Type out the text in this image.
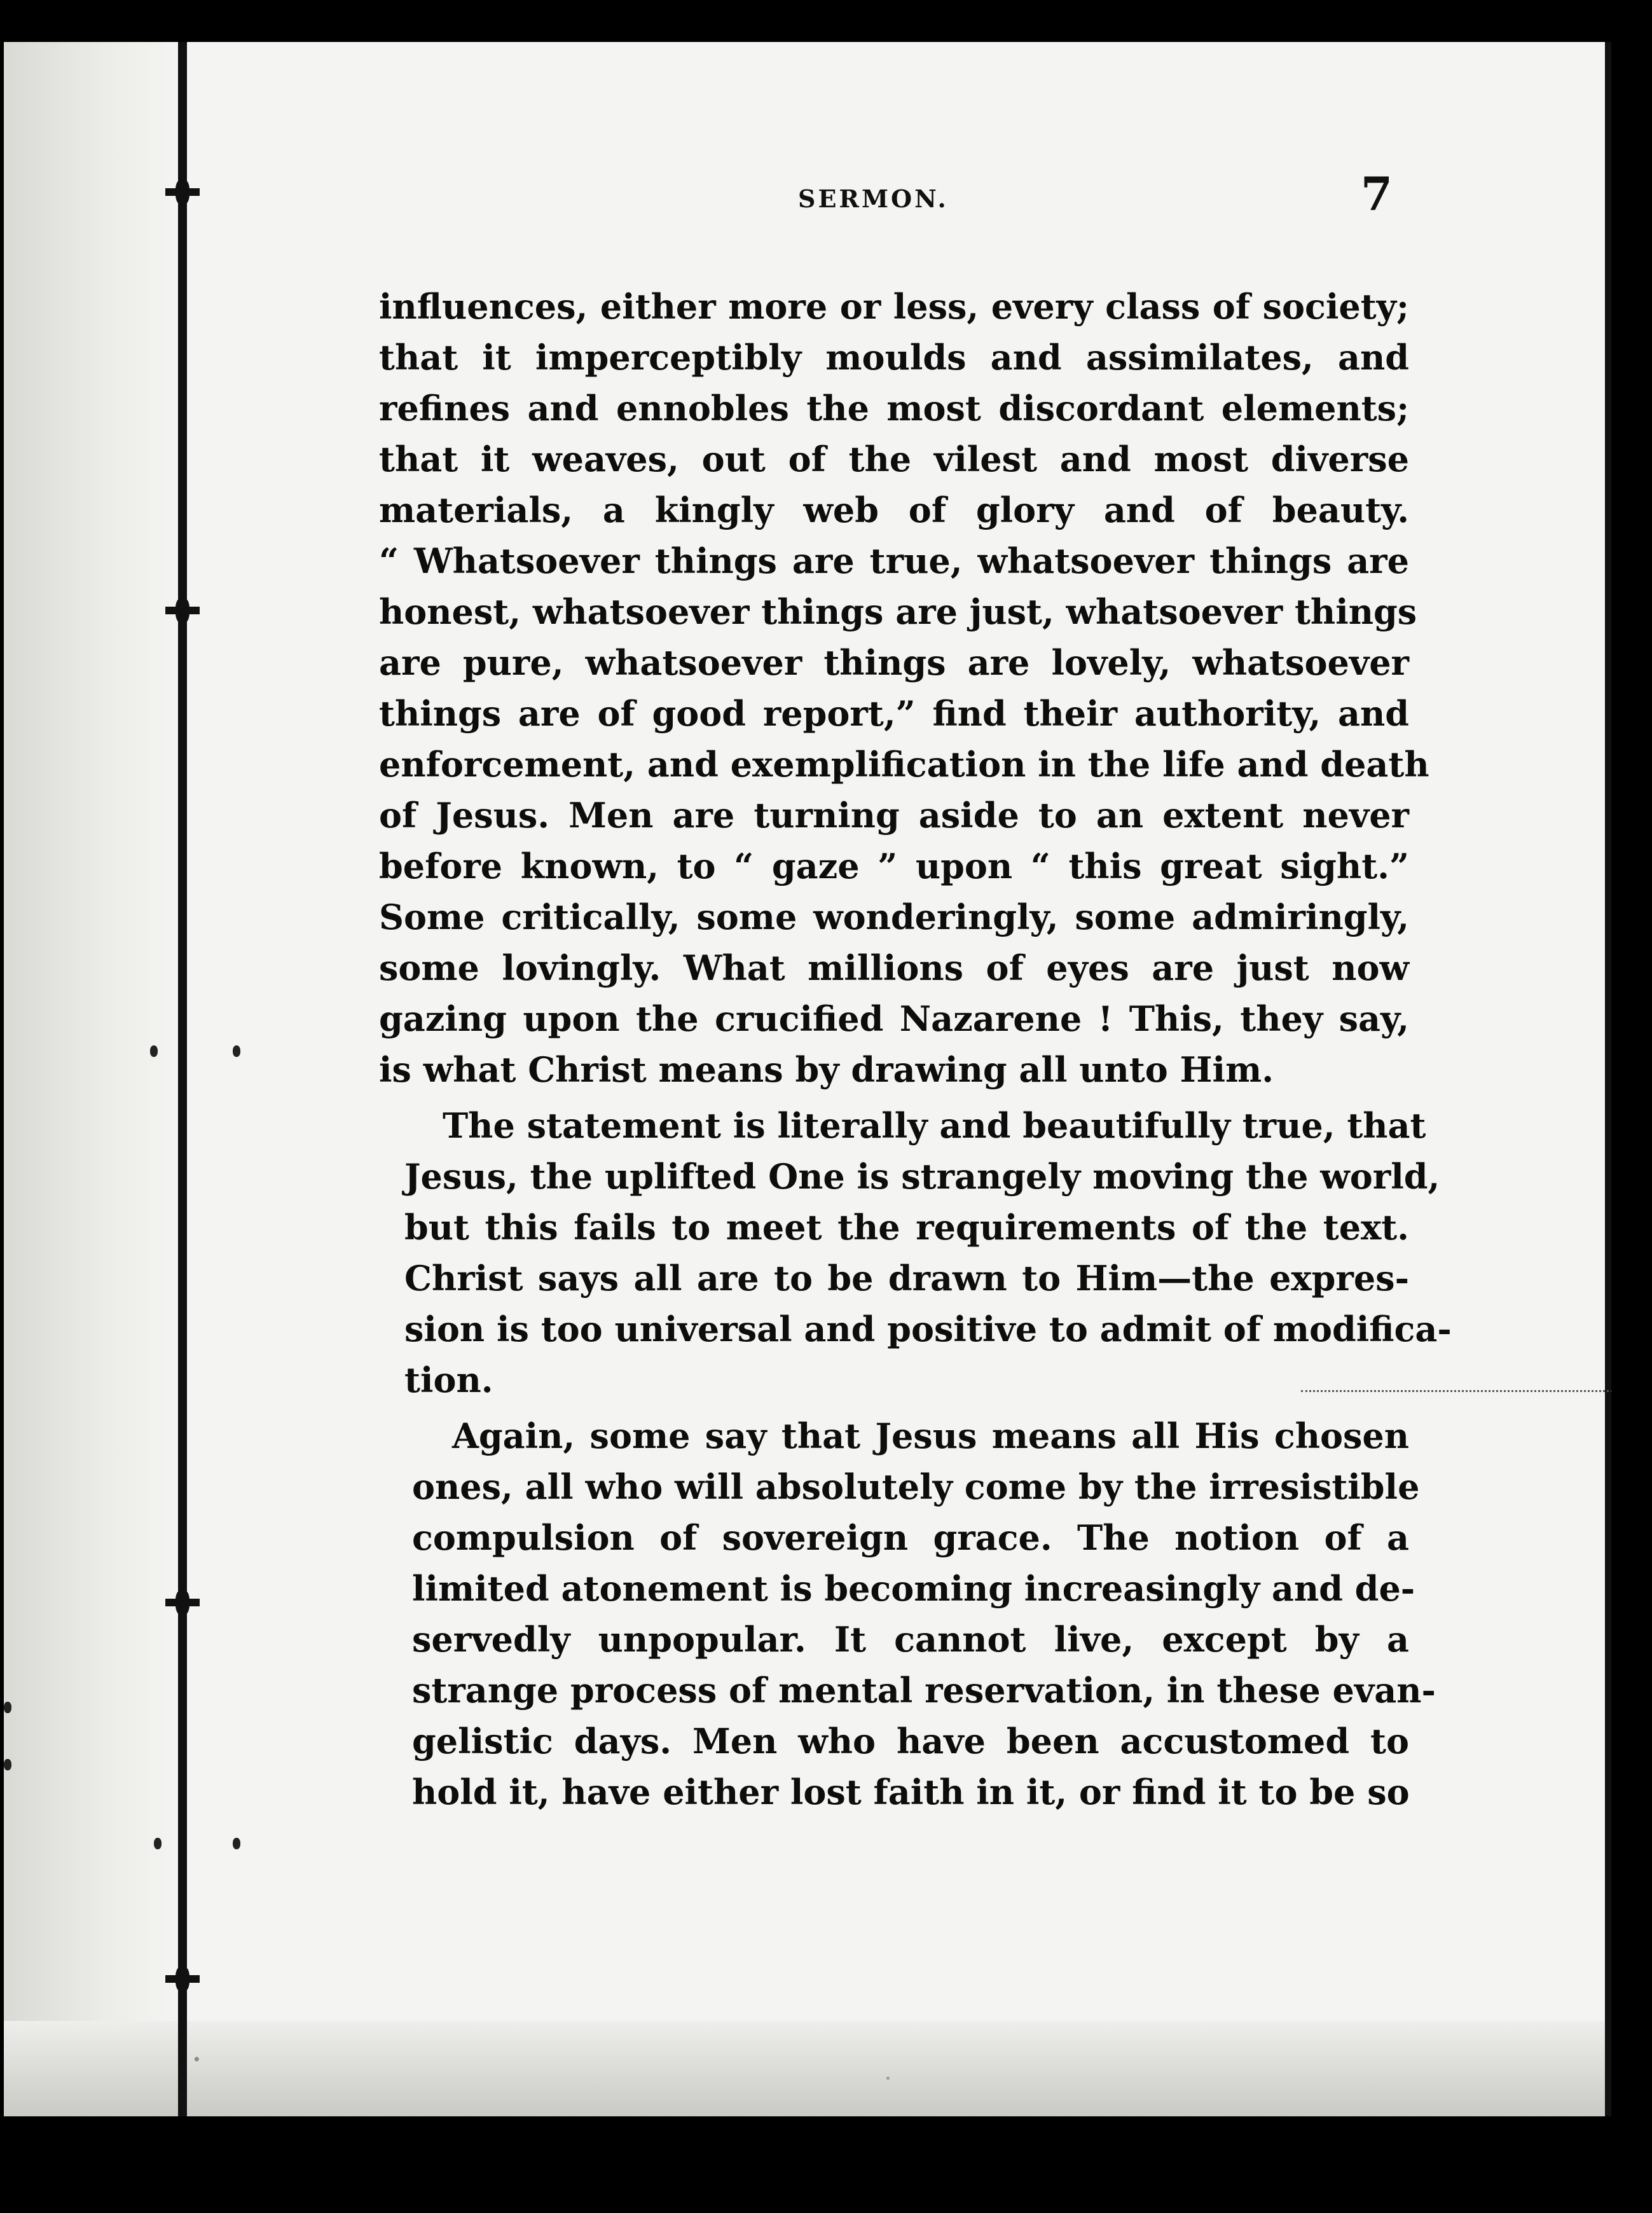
SERMON.	7
influences, either more or less, every class of society;
that it imperceptibly moulds and assimilates, and
refines and ennobles the most discordant elements;
that it weaves, out of the vilest and most diverse
materials, a kingly web of glory and of beauty.
“ Whatsoever things are true, whatsoever things are
honest, whatsoever things are just, whatsoever things
are pure, whatsoever things are lovely, whatsoever
things are of good report,” find their authority, and
enforcement, and exemplification in the life and death
of Jesus. Men are turning aside to an extent never
before known, to “ gaze ” upon “ this great sight.”
Some critically, some wonderingly, some admiringly,
some lovingly. What millions of eyes are just now
gazing upon the crucified Nazarene ! This, they say,
is what Christ means by drawing all unto Him.
The statement is literally and beautifully true, that
Jesus, the uplifted One is strangely moving the world,
but this fails to meet the requirements of the text.
Christ says all are to be drawn to Him—the expres-
sion is too universal and positive to admit of modifica-
tion.
Again, some say that Jesus means all His chosen
ones, all who will absolutely come by the irresistible
compulsion of sovereign grace. The notion of a
limited atonement is becoming increasingly and de-
servedly unpopular. It cannot live, except by a
strange process of mental reservation, in these evan-
gelistic days. Men who have been accustomed to
hold it, have either lost faith in it, or find it to be so
